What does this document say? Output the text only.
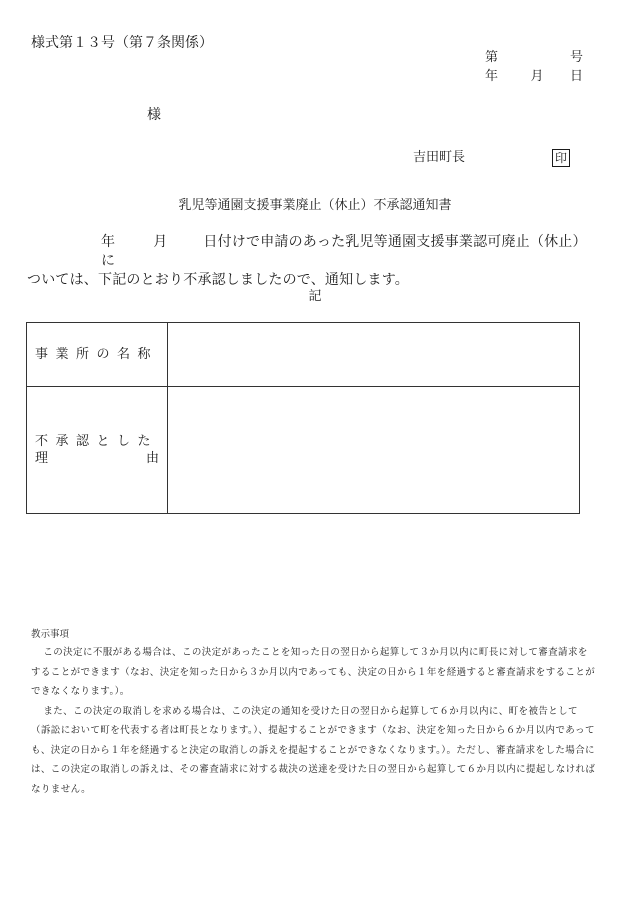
様式第１３号（第７条関係）
第	号
年 月 日
様
吉田町長	印
乳児等通園支援事業廃止（休止）不承認通知書
年	月	日付けで申請のあった乳児等通園支援事業認可廃止（休止）に
ついては、下記のとおり不承認しましたので、通知します。
記
事業所の名称	

不承認とした
理 由	

教示事項

この決定に不服がある場合は、この決定があったことを知った日の翌日から起算して３か月以内に町長に対して審査請求をすることができます（なお、決定を知った日から３か月以内であっても、決定の日から１年を経過すると審査請求をすることができなくなります。）。

また、この決定の取消しを求める場合は、この決定の通知を受けた日の翌日から起算して６か月以内に、町を被告として（訴訟において町を代表する者は町長となります。）、提起することができます（なお、決定を知った日から６か月以内であっても、決定の日から１年を経過すると決定の取消しの訴えを提起することができなくなります。）。ただし、審査請求をした場合には、この決定の取消しの訴えは、その審査請求に対する裁決の送達を受けた日の翌日から起算して６か月以内に提起しなければなりません。
